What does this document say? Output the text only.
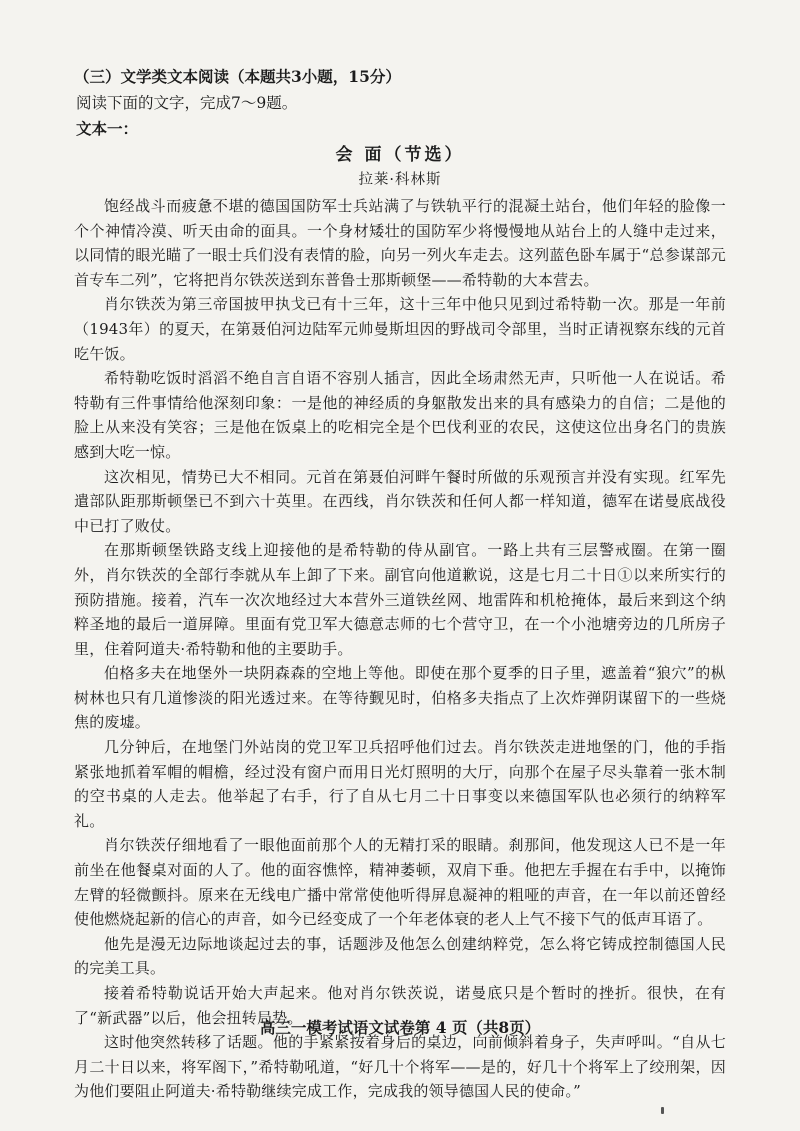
（三）文学类文本阅读（本题共3小题，15分）

阅读下面的文字，完成7～9题。

文本一：

会 面（节选）

拉莱·科林斯

饱经战斗而疲惫不堪的德国国防军士兵站满了与铁轨平行的混凝土站台，他们年轻的脸像一个个神情冷漠、听天由命的面具。一个身材矮壮的国防军少将慢慢地从站台上的人缝中走过来，以同情的眼光瞄了一眼士兵们没有表情的脸，向另一列火车走去。这列蓝色卧车属于“总参谋部元首专车二列”，它将把肖尔铁茨送到东普鲁士那斯顿堡——希特勒的大本营去。

肖尔铁茨为第三帝国披甲执戈已有十三年，这十三年中他只见到过希特勒一次。那是一年前（1943年）的夏天，在第聂伯河边陆军元帅曼斯坦因的野战司令部里，当时正请视察东线的元首吃午饭。

希特勒吃饭时滔滔不绝自言自语不容别人插言，因此全场肃然无声，只听他一人在说话。希特勒有三件事情给他深刻印象：一是他的神经质的身躯散发出来的具有感染力的自信；二是他的脸上从来没有笑容；三是他在饭桌上的吃相完全是个巴伐利亚的农民，这使这位出身名门的贵族感到大吃一惊。

这次相见，情势已大不相同。元首在第聂伯河畔午餐时所做的乐观预言并没有实现。红军先遣部队距那斯顿堡已不到六十英里。在西线，肖尔铁茨和任何人都一样知道，德军在诺曼底战役中已打了败仗。

在那斯顿堡铁路支线上迎接他的是希特勒的侍从副官。一路上共有三层警戒圈。在第一圈外，肖尔铁茨的全部行李就从车上卸了下来。副官向他道歉说，这是七月二十日①以来所实行的预防措施。接着，汽车一次次地经过大本营外三道铁丝网、地雷阵和机枪掩体，最后来到这个纳粹圣地的最后一道屏障。里面有党卫军大德意志师的七个营守卫，在一个小池塘旁边的几所房子里，住着阿道夫·希特勒和他的主要助手。

伯格多夫在地堡外一块阴森森的空地上等他。即使在那个夏季的日子里，遮盖着“狼穴”的枞树林也只有几道惨淡的阳光透过来。在等待觐见时，伯格多夫指点了上次炸弹阴谋留下的一些烧焦的废墟。

几分钟后，在地堡门外站岗的党卫军卫兵招呼他们过去。肖尔铁茨走进地堡的门，他的手指紧张地抓着军帽的帽檐，经过没有窗户而用日光灯照明的大厅，向那个在屋子尽头靠着一张木制的空书桌的人走去。他举起了右手，行了自从七月二十日事变以来德国军队也必须行的纳粹军礼。

肖尔铁茨仔细地看了一眼他面前那个人的无精打采的眼睛。刹那间，他发现这人已不是一年前坐在他餐桌对面的人了。他的面容憔悴，精神萎顿，双肩下垂。他把左手握在右手中，以掩饰左臂的轻微颤抖。原来在无线电广播中常常使他听得屏息凝神的粗哑的声音，在一年以前还曾经使他燃烧起新的信心的声音，如今已经变成了一个年老体衰的老人上气不接下气的低声耳语了。

他先是漫无边际地谈起过去的事，话题涉及他怎么创建纳粹党，怎么将它铸成控制德国人民的完美工具。

接着希特勒说话开始大声起来。他对肖尔铁茨说，诺曼底只是个暂时的挫折。很快，在有了“新武器”以后，他会扭转局势。

这时他突然转移了话题。他的手紧紧按着身后的桌边，向前倾斜着身子，失声呼叫。“自从七月二十日以来，将军阁下，”希特勒吼道，“好几十个将军——是的，好几十个将军上了绞刑架，因为他们要阻止阿道夫·希特勒继续完成工作，完成我的领导德国人民的使命。”

高三一模考试语文试卷第 4 页（共8页）
